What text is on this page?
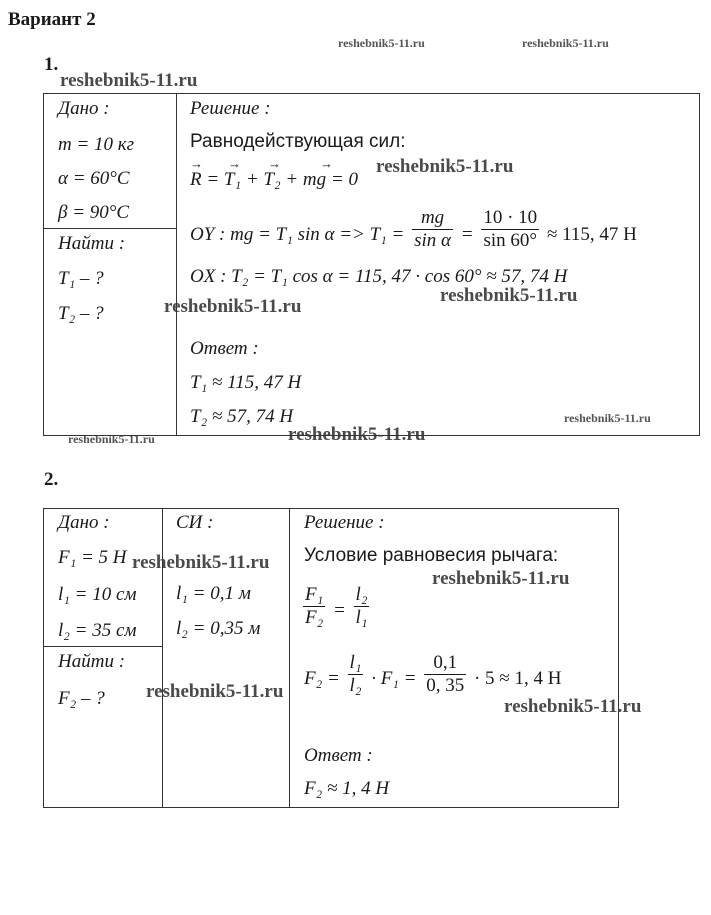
Вариант 2
reshebnik5-11.ru	reshebnik5-11.ru
reshebnik5-11.ru
reshebnik5-11.ru
reshebnik5-11.ru
reshebnik5-11.ru
reshebnik5-11.ru
reshebnik5-11.ru	reshebnik5-11.ru
reshebnik5-11.ru
reshebnik5-11.ru
reshebnik5-11.ru
reshebnik5-11.ru
1.
Дано :
m = 10 кг
α = 60°C
β = 90°C
Найти :
T₁ – ?
T₂ – ?
Решение :
Равнодействующая сил:
R = T₁ + T₂ + mg = 0
→ → →	→
OY : mg = T₁ $\sin \alpha => T_1 = \frac{mg}{\text{sin α}} = \frac{10 \cdot 10}{\sin 60^\circ} \approx 115$, 47 Н
OX : T₂ = T₁ cos α = 115, 47 · cos 60° ≈ 57, 74 Н
Ответ :
T₁ ≈ 115, 47 Н
T₂ ≈ 57, 74 Н
2.
Дано :
F₁ = 5 Н
l₁ = 10 см
l₂ = 35 см
Найти :
F₂ – ?
СИ :
l₁ = 0,1 м
l₂ = 0,35 м
Решение :
Условие равновесия рычага:
$\frac{\text{F₁}}{\text{F₂}} = \frac{\text{l₂}}{\text{l₁}}$
$F_2 = \frac{\text{l₁}}{\text{l₂}} \cdot F_1 = \frac{0,1}{0, 35} \cdot 5 \approx 1$, 4 Н
Ответ :
F₂ ≈ 1, 4 Н
